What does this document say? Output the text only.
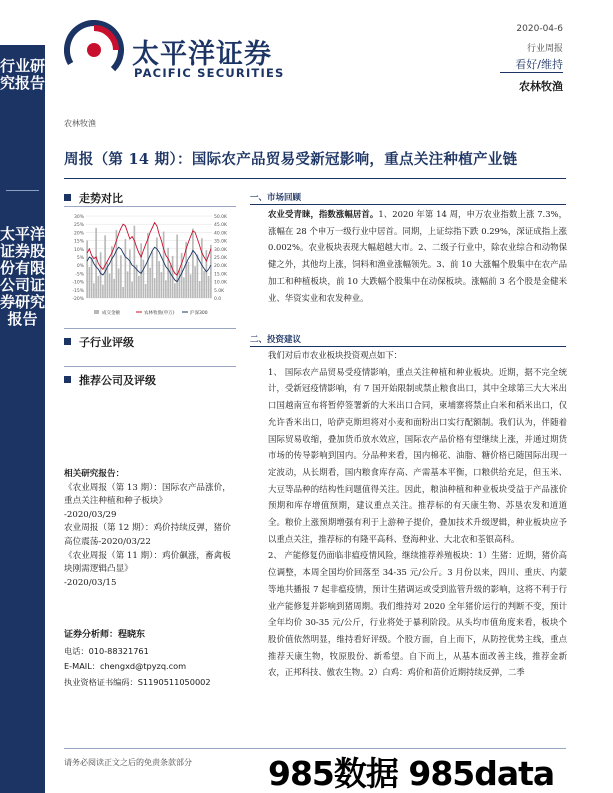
行业研究报告
太平洋证券股份有限公司证券研究报告
太平洋证券
PACIFIC SECURITIES
2020-04-6
行业周报
看好/维持
农林牧渔
农林牧渔
周报（第 14 期）：国际农产品贸易受新冠影响，重点关注种植产业链
走势对比
30%
25%
20%
15%
10%
5%
0%
-5%
-10%
-15%
-20%
50.0K
45.0K
40.0K
35.0K
30.0K
25.0K
20.0K
15.0K
10.0K
5.0K
0.0
成交金额	农林牧渔(申万)	沪深300
子行业评级
推荐公司及评级
相关研究报告：
《农业周报（第 13 期）：国际农产品涨价，重点关注种植和种子板块》
-2020/03/29
农业周报（第 12 期）：鸡价持续反弹，猪价高位震荡-2020/03/22
《农业周报（第 11 期）：鸡价飙涨，畜禽板块刚需逻辑凸显》
-2020/03/15
证券分析师：程晓东
电话：010-88321761
E-MAIL：chengxd@tpyzq.com
执业资格证书编码：S1190511050002
一、市场回顾
农业受青睐，指数涨幅居首。1、2020 年第 14 周，申万农业指数上涨 7.3%，涨幅在 28 个申万一级行业中居首。同期，上证综指下跌 0.29%，深证成指上涨 0.002%。农业板块表现大幅超越大市。2、二级子行业中，除农业综合和动物保健之外，其他均上涨，饲料和渔业涨幅领先。3、前 10 大涨幅个股集中在农产品加工和种植板块，前 10 大跌幅个股集中在动保板块。涨幅前 3 名个股是金健米业、华资实业和农发种业。
二、投资建议
我们对后市农业板块投资观点如下：
1、 国际农产品贸易受疫情影响，重点关注种植和种业板块。近期，据不完全统计，受新冠疫情影响，有 7 国开始限制或禁止粮食出口，其中全球第三大大米出口国越南宣布将暂停签署新的大米出口合同，柬埔寨将禁止白米和稻米出口，仅允许香米出口，哈萨克斯坦将对小麦和面粉出口实行配额制。我们认为，伴随着国际贸易收缩，叠加货币放水效应，国际农产品价格有望继续上涨，并通过期货市场的传导影响到国内。分品种来看，国内棉花、油脂、糖价格已随国际出现一定波动，从长期看，国内粮食库存高、产需基本平衡，口粮供给充足，但玉米、大豆等品种的结构性问题值得关注。因此，粮油种植和种业板块受益于产品涨价预期和库存增值预期，建议重点关注。推荐标的有天康生物、苏垦农发和道道全。粮价上涨预期增强有利于上游种子提价，叠加技术升级逻辑，种业板块应予以重点关注，推荐标的有隆平高科、登海种业、大北农和荃银高科。
2、 产能修复仍面临非瘟疫情风险，继续推荐养殖板块：1）生猪：近期，猪价高位调整，本周全国均价回落至 34-35 元/公斤。3 月份以来，四川、重庆、内蒙等地共播报 7 起非瘟疫情，预计生猪调运或受到监管升级的影响，这将不利于行业产能修复并影响到猪周期。我们维持对 2020 全年猪价运行的判断不变，预计全年均价 30-35 元/公斤，行业将处于暴利阶段。从头均市值角度来看，板块个股价值依然明显，维持看好评级。个股方面，自上而下，从防控优势主线，重点推荐天康生物，牧原股份、新希望。自下而上，从基本面改善主线，推荐金新农，正邦科技、傲农生物。2）白鸡：鸡价和苗价近期持续反弹，二季
请务必阅读正文之后的免责条款部分 985数据 985data
